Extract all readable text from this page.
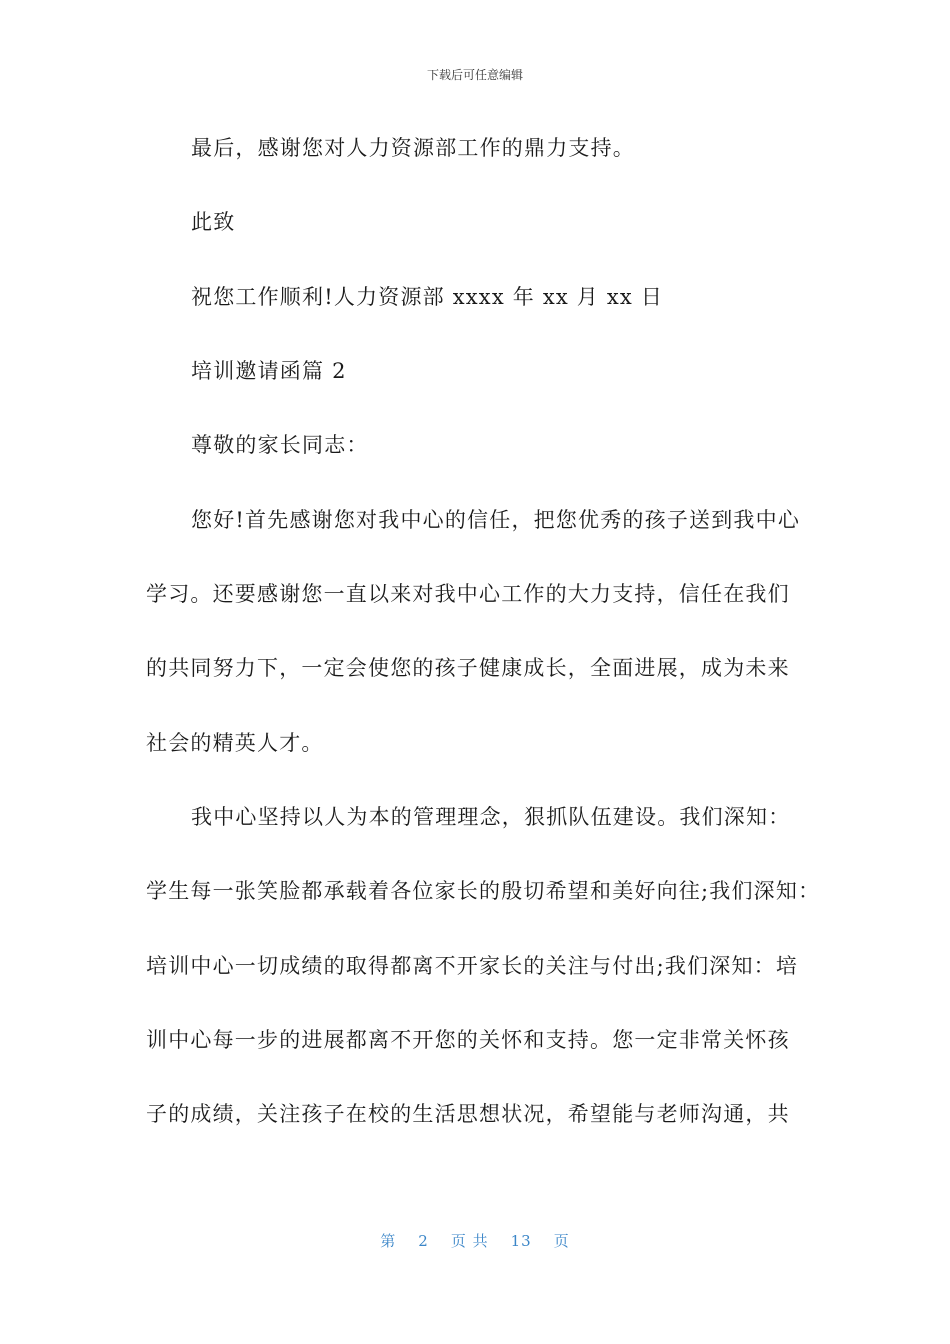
下载后可任意编辑

最后，感谢您对人力资源部工作的鼎力支持。

此致

祝您工作顺利!人力资源部 xxxx 年 xx 月 xx 日

培训邀请函篇 2

尊敬的家长同志：

您好!首先感谢您对我中心的信任，把您优秀的孩子送到我中心

学习。还要感谢您一直以来对我中心工作的大力支持，信任在我们

的共同努力下，一定会使您的孩子健康成长，全面进展，成为未来

社会的精英人才。

我中心坚持以人为本的管理理念，狠抓队伍建设。我们深知：

学生每一张笑脸都承载着各位家长的殷切希望和美好向往;我们深知：

培训中心一切成绩的取得都离不开家长的关注与付出;我们深知：培

训中心每一步的进展都离不开您的关怀和支持。您一定非常关怀孩

子的成绩，关注孩子在校的生活思想状况，希望能与老师沟通，共

第 2 页 共 13 页
